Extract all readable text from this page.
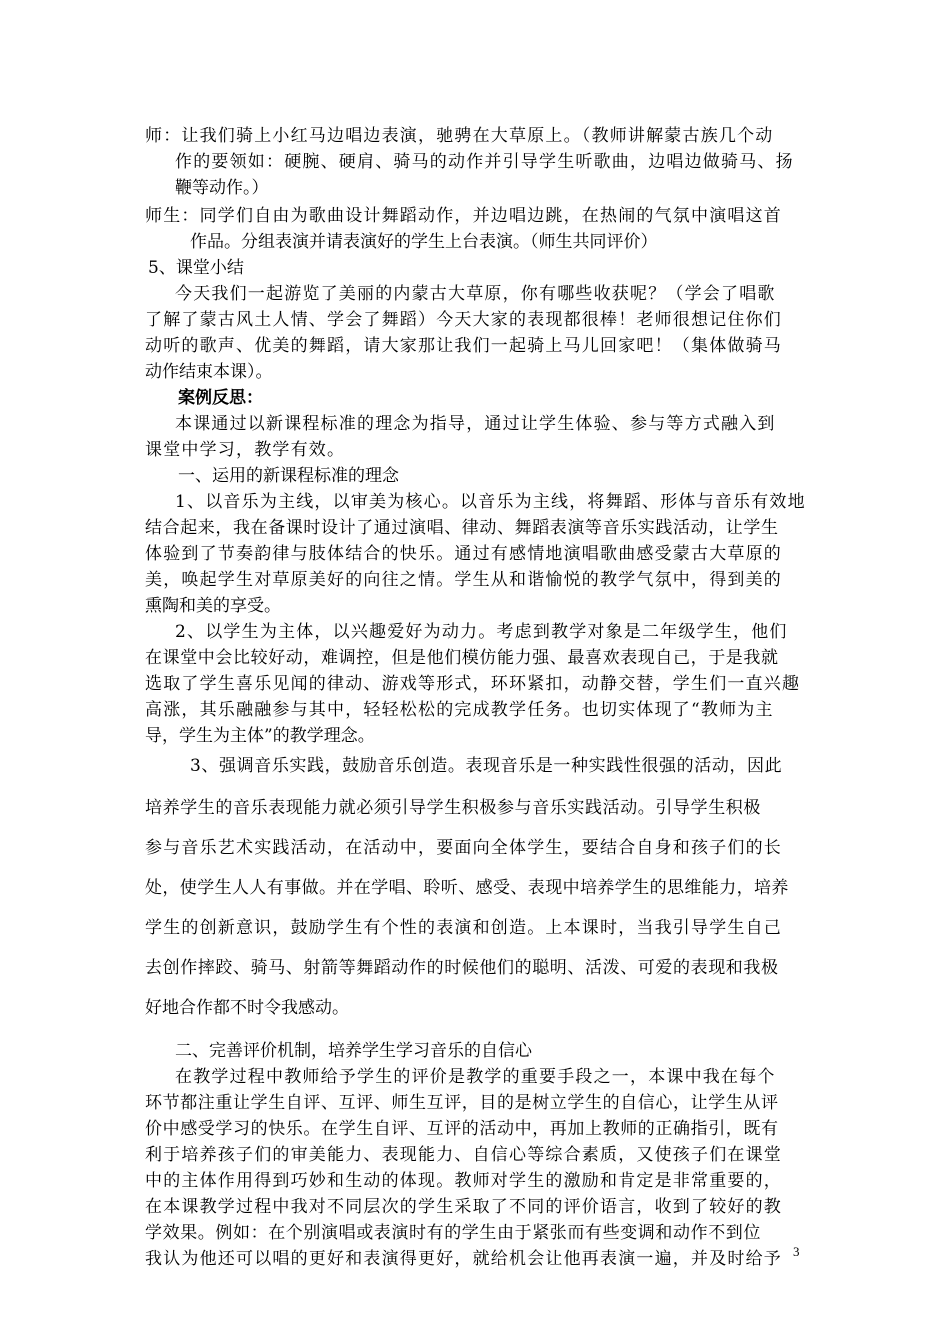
师：让我们骑上小红马边唱边表演，驰骋在大草原上。（教师讲解蒙古族几个动
作的要领如：硬腕、硬肩、骑马的动作并引导学生听歌曲，边唱边做骑马、扬
鞭等动作。）
师生：同学们自由为歌曲设计舞蹈动作，并边唱边跳，在热闹的气氛中演唱这首
作品。分组表演并请表演好的学生上台表演。（师生共同评价）
5、课堂小结
今天我们一起游览了美丽的内蒙古大草原，你有哪些收获呢？（学会了唱歌
了解了蒙古风土人情、学会了舞蹈）今天大家的表现都很棒！老师很想记住你们
动听的歌声、优美的舞蹈，请大家那让我们一起骑上马儿回家吧！（集体做骑马
动作结束本课）。
案例反思：
本课通过以新课程标准的理念为指导，通过让学生体验、参与等方式融入到
课堂中学习，教学有效。
一、运用的新课程标准的理念
1、以音乐为主线，以审美为核心。以音乐为主线，将舞蹈、形体与音乐有效地
结合起来，我在备课时设计了通过演唱、律动、舞蹈表演等音乐实践活动，让学生
体验到了节奏韵律与肢体结合的快乐。通过有感情地演唱歌曲感受蒙古大草原的
美，唤起学生对草原美好的向往之情。学生从和谐愉悦的教学气氛中，得到美的
熏陶和美的享受。
2、以学生为主体，以兴趣爱好为动力。考虑到教学对象是二年级学生，他们
在课堂中会比较好动，难调控，但是他们模仿能力强、最喜欢表现自己，于是我就
选取了学生喜乐见闻的律动、游戏等形式，环环紧扣，动静交替，学生们一直兴趣
高涨，其乐融融参与其中，轻轻松松的完成教学任务。也切实体现了“教师为主
导，学生为主体”的教学理念。
3、强调音乐实践，鼓励音乐创造。表现音乐是一种实践性很强的活动，因此
培养学生的音乐表现能力就必须引导学生积极参与音乐实践活动。引导学生积极
参与音乐艺术实践活动，在活动中，要面向全体学生，要结合自身和孩子们的长
处，使学生人人有事做。并在学唱、聆听、感受、表现中培养学生的思维能力，培养
学生的创新意识，鼓励学生有个性的表演和创造。上本课时，当我引导学生自己
去创作摔跤、骑马、射箭等舞蹈动作的时候他们的聪明、活泼、可爱的表现和我极
好地合作都不时令我感动。
二、完善评价机制，培养学生学习音乐的自信心
在教学过程中教师给予学生的评价是教学的重要手段之一，本课中我在每个
环节都注重让学生自评、互评、师生互评，目的是树立学生的自信心，让学生从评
价中感受学习的快乐。在学生自评、互评的活动中，再加上教师的正确指引，既有
利于培养孩子们的审美能力、表现能力、自信心等综合素质，又使孩子们在课堂
中的主体作用得到巧妙和生动的体现。教师对学生的激励和肯定是非常重要的，
在本课教学过程中我对不同层次的学生采取了不同的评价语言，收到了较好的教
学效果。例如：在个别演唱或表演时有的学生由于紧张而有些变调和动作不到位
我认为他还可以唱的更好和表演得更好，就给机会让他再表演一遍，并及时给予 3
